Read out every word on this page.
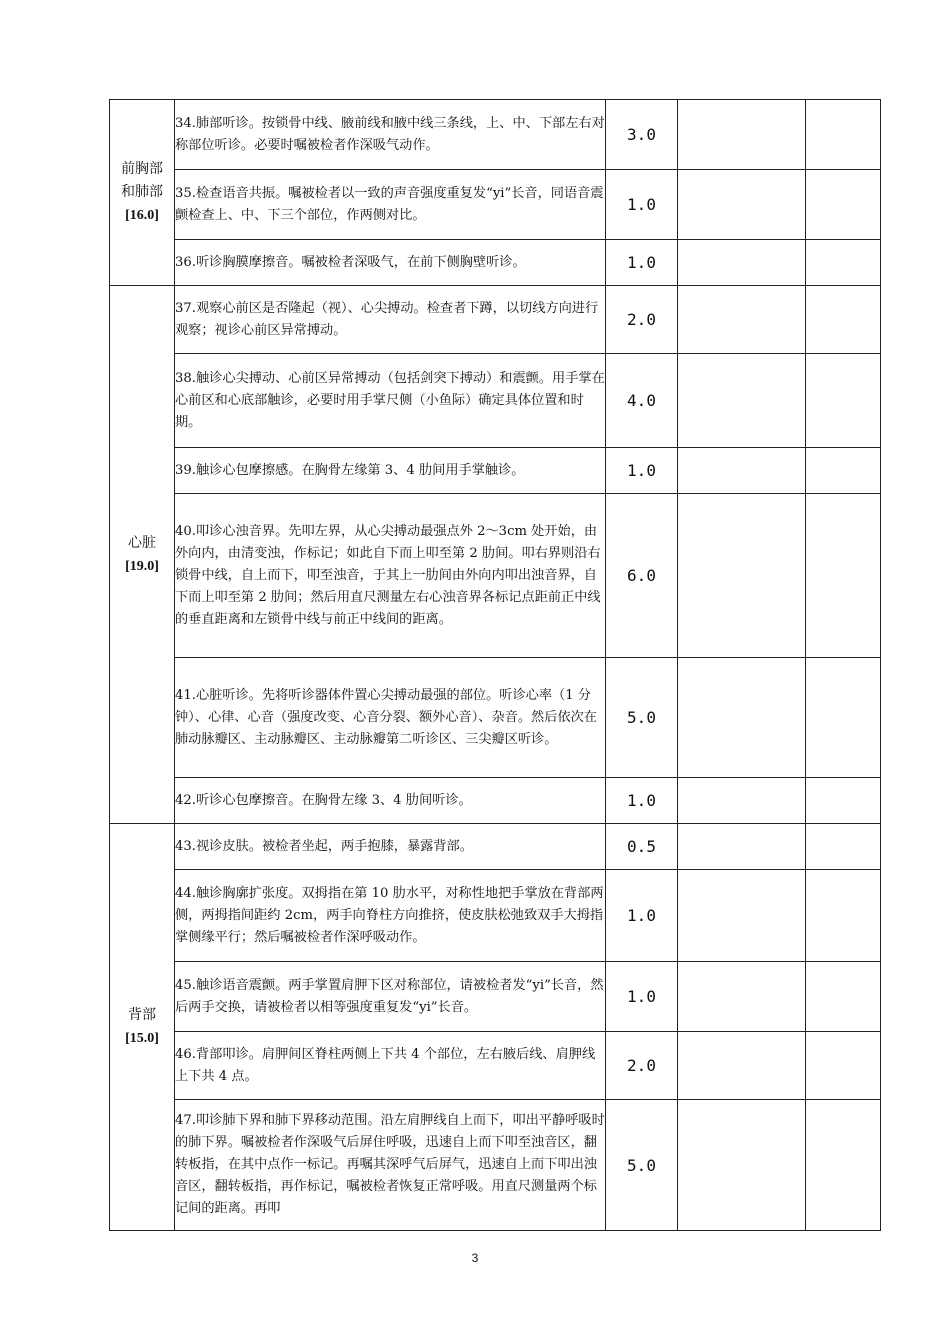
前胸部
和肺部
[16.0]	34.肺部听诊。按锁骨中线、腋前线和腋中线三条线，上、中、下部左右对称部位听诊。必要时嘱被检者作深吸气动作。	3.0		
	35.检查语音共振。嘱被检者以一致的声音强度重复发“yi”长音，同语音震颤检查上、中、下三个部位，作两侧对比。	1.0		
	36.听诊胸膜摩擦音。嘱被检者深吸气，在前下侧胸壁听诊。	1.0		

心脏
[19.0]	37.观察心前区是否隆起（视）、心尖搏动。检查者下蹲，以切线方向进行观察；视诊心前区异常搏动。	2.0		
	38.触诊心尖搏动、心前区异常搏动（包括剑突下搏动）和震颤。用手掌在心前区和心底部触诊，必要时用手掌尺侧（小鱼际）确定具体位置和时期。	4.0		
	39.触诊心包摩擦感。在胸骨左缘第 3、4 肋间用手掌触诊。	1.0		
	40.叩诊心浊音界。先叩左界，从心尖搏动最强点外 2～3cm 处开始，由外向内，由清变浊，作标记；如此自下而上叩至第 2 肋间。叩右界则沿右锁骨中线，自上而下，叩至浊音，于其上一肋间由外向内叩出浊音界，自下而上叩至第 2 肋间；然后用直尺测量左右心浊音界各标记点距前正中线的垂直距离和左锁骨中线与前正中线间的距离。	6.0		
	41.心脏听诊。先将听诊器体件置心尖搏动最强的部位。听诊心率（1 分钟）、心律、心音（强度改变、心音分裂、额外心音）、杂音。然后依次在肺动脉瓣区、主动脉瓣区、主动脉瓣第二听诊区、三尖瓣区听诊。	5.0		
	42.听诊心包摩擦音。在胸骨左缘 3、4 肋间听诊。	1.0		

背部
[15.0]	43.视诊皮肤。被检者坐起，两手抱膝，暴露背部。	0.5		
	44.触诊胸廓扩张度。双拇指在第 10 肋水平，对称性地把手掌放在背部两侧，两拇指间距约 2cm，两手向脊柱方向推挤，使皮肤松弛致双手大拇指掌侧缘平行；然后嘱被检者作深呼吸动作。	1.0		
	45.触诊语音震颤。两手掌置肩胛下区对称部位，请被检者发“yi”长音，然后两手交换，请被检者以相等强度重复发“yi”长音。	1.0		
	46.背部叩诊。肩胛间区脊柱两侧上下共 4 个部位，左右腋后线、肩胛线上下共 4 点。	2.0		
	47.叩诊肺下界和肺下界移动范围。沿左肩胛线自上而下，叩出平静呼吸时的肺下界。嘱被检者作深吸气后屏住呼吸，迅速自上而下叩至浊音区，翻转板指，在其中点作一标记。再嘱其深呼气后屏气，迅速自上而下叩出浊音区，翻转板指，再作标记，嘱被检者恢复正常呼吸。用直尺测量两个标记间的距离。再叩	5.0		
3
